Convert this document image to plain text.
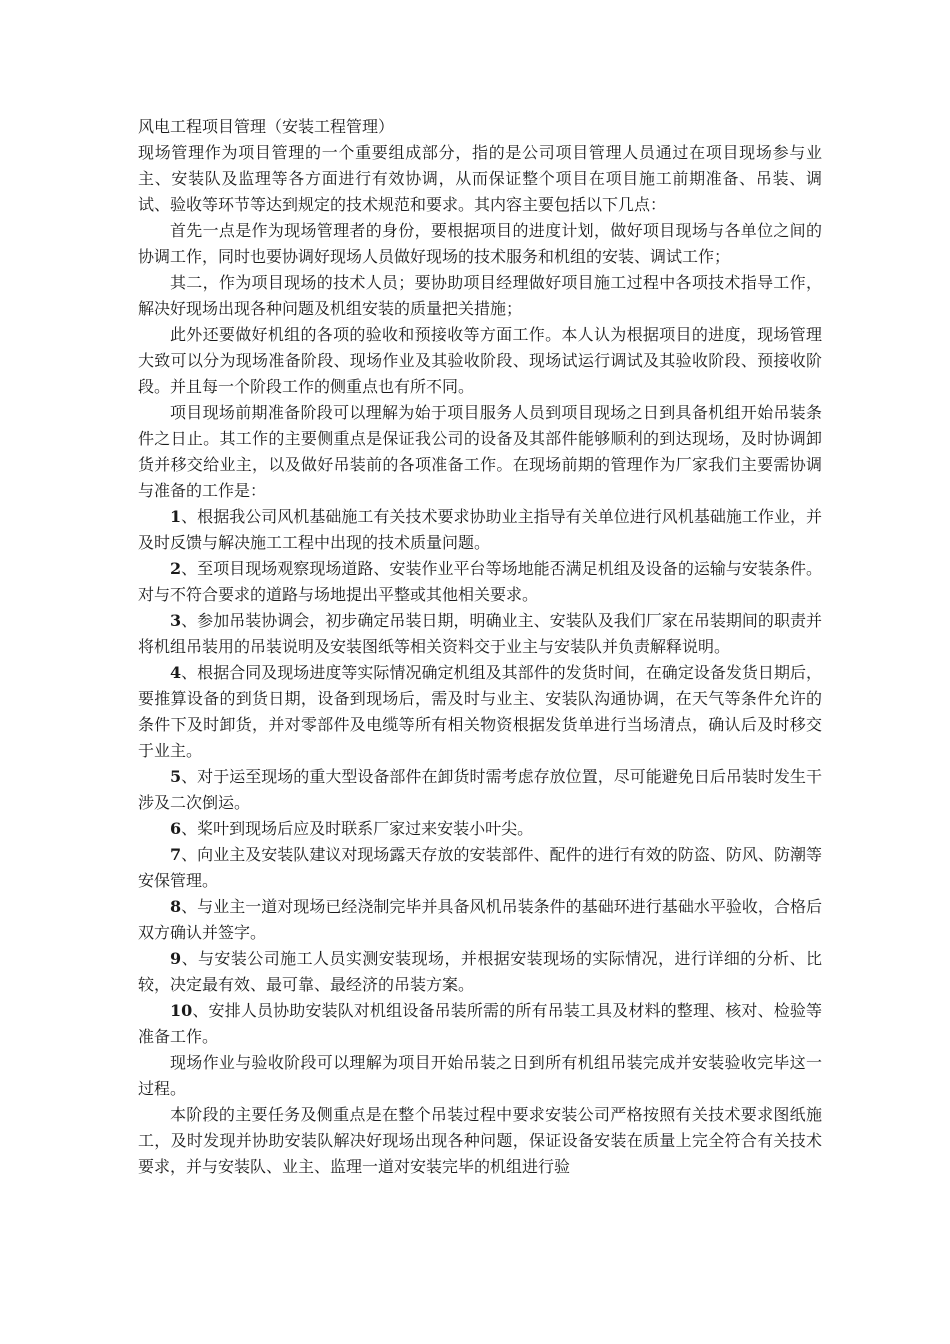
风电工程项目管理（安装工程管理）

现场管理作为项目管理的一个重要组成部分，指的是公司项目管理人员通过在项目现场参与业主、安装队及监理等各方面进行有效协调，从而保证整个项目在项目施工前期准备、吊装、调试、验收等环节等达到规定的技术规范和要求。其内容主要包括以下几点：

首先一点是作为现场管理者的身份，要根据项目的进度计划，做好项目现场与各单位之间的协调工作，同时也要协调好现场人员做好现场的技术服务和机组的安装、调试工作；

其二，作为项目现场的技术人员；要协助项目经理做好项目施工过程中各项技术指导工作，解决好现场出现各种问题及机组安装的质量把关措施；

此外还要做好机组的各项的验收和预接收等方面工作。本人认为根据项目的进度，现场管理大致可以分为现场准备阶段、现场作业及其验收阶段、现场试运行调试及其验收阶段、预接收阶段。并且每一个阶段工作的侧重点也有所不同。

项目现场前期准备阶段可以理解为始于项目服务人员到项目现场之日到具备机组开始吊装条件之日止。其工作的主要侧重点是保证我公司的设备及其部件能够顺利的到达现场，及时协调卸货并移交给业主，以及做好吊装前的各项准备工作。在现场前期的管理作为厂家我们主要需协调与准备的工作是：

1、根据我公司风机基础施工有关技术要求协助业主指导有关单位进行风机基础施工作业，并及时反馈与解决施工工程中出现的技术质量问题。

2、至项目现场观察现场道路、安装作业平台等场地能否满足机组及设备的运输与安装条件。对与不符合要求的道路与场地提出平整或其他相关要求。

3、参加吊装协调会，初步确定吊装日期，明确业主、安装队及我们厂家在吊装期间的职责并将机组吊装用的吊装说明及安装图纸等相关资料交于业主与安装队并负责解释说明。

4、根据合同及现场进度等实际情况确定机组及其部件的发货时间，在确定设备发货日期后，要推算设备的到货日期，设备到现场后，需及时与业主、安装队沟通协调，在天气等条件允许的条件下及时卸货，并对零部件及电缆等所有相关物资根据发货单进行当场清点，确认后及时移交于业主。

5、对于运至现场的重大型设备部件在卸货时需考虑存放位置，尽可能避免日后吊装时发生干涉及二次倒运。

6、桨叶到现场后应及时联系厂家过来安装小叶尖。

7、向业主及安装队建议对现场露天存放的安装部件、配件的进行有效的防盗、防风、防潮等安保管理。

8、与业主一道对现场已经浇制完毕并具备风机吊装条件的基础环进行基础水平验收，合格后双方确认并签字。

9、与安装公司施工人员实测安装现场，并根据安装现场的实际情况，进行详细的分析、比较，决定最有效、最可靠、最经济的吊装方案。

10、安排人员协助安装队对机组设备吊装所需的所有吊装工具及材料的整理、核对、检验等准备工作。

现场作业与验收阶段可以理解为项目开始吊装之日到所有机组吊装完成并安装验收完毕这一过程。

本阶段的主要任务及侧重点是在整个吊装过程中要求安装公司严格按照有关技术要求图纸施工，及时发现并协助安装队解决好现场出现各种问题，保证设备安装在质量上完全符合有关技术要求，并与安装队、业主、监理一道对安装完毕的机组进行验
